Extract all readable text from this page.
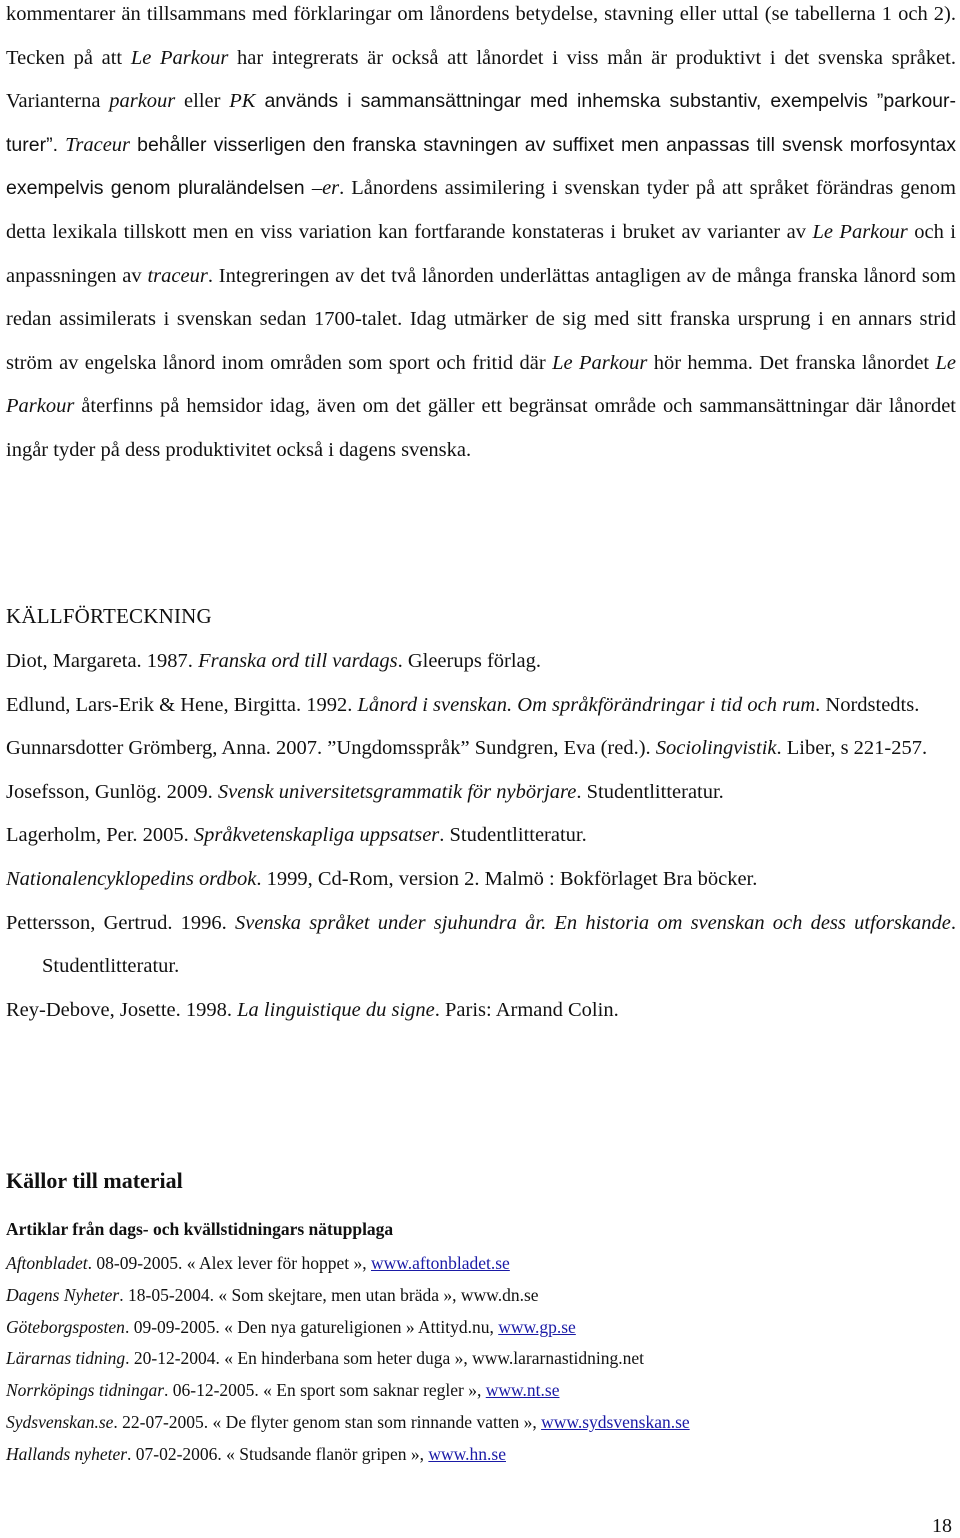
kommentarer än tillsammans med förklaringar om lånordens betydelse, stavning eller uttal (se tabellerna 1 och 2). Tecken på att Le Parkour har integrerats är också att lånordet i viss mån är produktivt i det svenska språket. Varianterna parkour eller PK används i sammansättningar med inhemska substantiv, exempelvis ”parkour-turer”. Traceur behåller visserligen den franska stavningen av suffixet men anpassas till svensk morfosyntax exempelvis genom pluraländelsen –er. Lånordens assimilering i svenskan tyder på att språket förändras genom detta lexikala tillskott men en viss variation kan fortfarande konstateras i bruket av varianter av Le Parkour och i anpassningen av traceur. Integreringen av det två lånorden underlättas antagligen av de många franska lånord som redan assimilerats i svenskan sedan 1700-talet. Idag utmärker de sig med sitt franska ursprung i en annars strid ström av engelska lånord inom områden som sport och fritid där Le Parkour hör hemma. Det franska lånordet Le Parkour återfinns på hemsidor idag, även om det gäller ett begränsat område och sammansättningar där lånordet ingår tyder på dess produktivitet också i dagens svenska.

KÄLLFÖRTECKNING
Diot, Margareta. 1987. Franska ord till vardags. Gleerups förlag.
Edlund, Lars-Erik & Hene, Birgitta. 1992. Lånord i svenskan. Om språkförändringar i tid och rum. Nordstedts.
Gunnarsdotter Grömberg, Anna. 2007. ”Ungdomsspråk” Sundgren, Eva (red.). Sociolingvistik. Liber, s 221-257.
Josefsson, Gunlög. 2009. Svensk universitetsgrammatik för nybörjare. Studentlitteratur.
Lagerholm, Per. 2005. Språkvetenskapliga uppsatser. Studentlitteratur.
Nationalencyklopedins ordbok. 1999, Cd-Rom, version 2. Malmö : Bokförlaget Bra böcker.
Pettersson, Gertrud. 1996. Svenska språket under sjuhundra år. En historia om svenskan och dess utforskande. Studentlitteratur.
Rey-Debove, Josette. 1998. La linguistique du signe. Paris: Armand Colin.
Källor till material
Artiklar från dags- och kvällstidningars nätupplaga
Aftonbladet. 08-09-2005. « Alex lever för hoppet », www.aftonbladet.se
Dagens Nyheter. 18-05-2004. « Som skejtare, men utan bräda », www.dn.se
Göteborgsposten. 09-09-2005. « Den nya gatureligionen » Attityd.nu, www.gp.se
Lärarnas tidning. 20-12-2004. « En hinderbana som heter duga », www.lararnastidning.net
Norrköpings tidningar. 06-12-2005. « En sport som saknar regler », www.nt.se
Sydsvenskan.se. 22-07-2005. « De flyter genom stan som rinnande vatten », www.sydsvenskan.se
Hallands nyheter. 07-02-2006. « Studsande flanör gripen », www.hn.se
18
